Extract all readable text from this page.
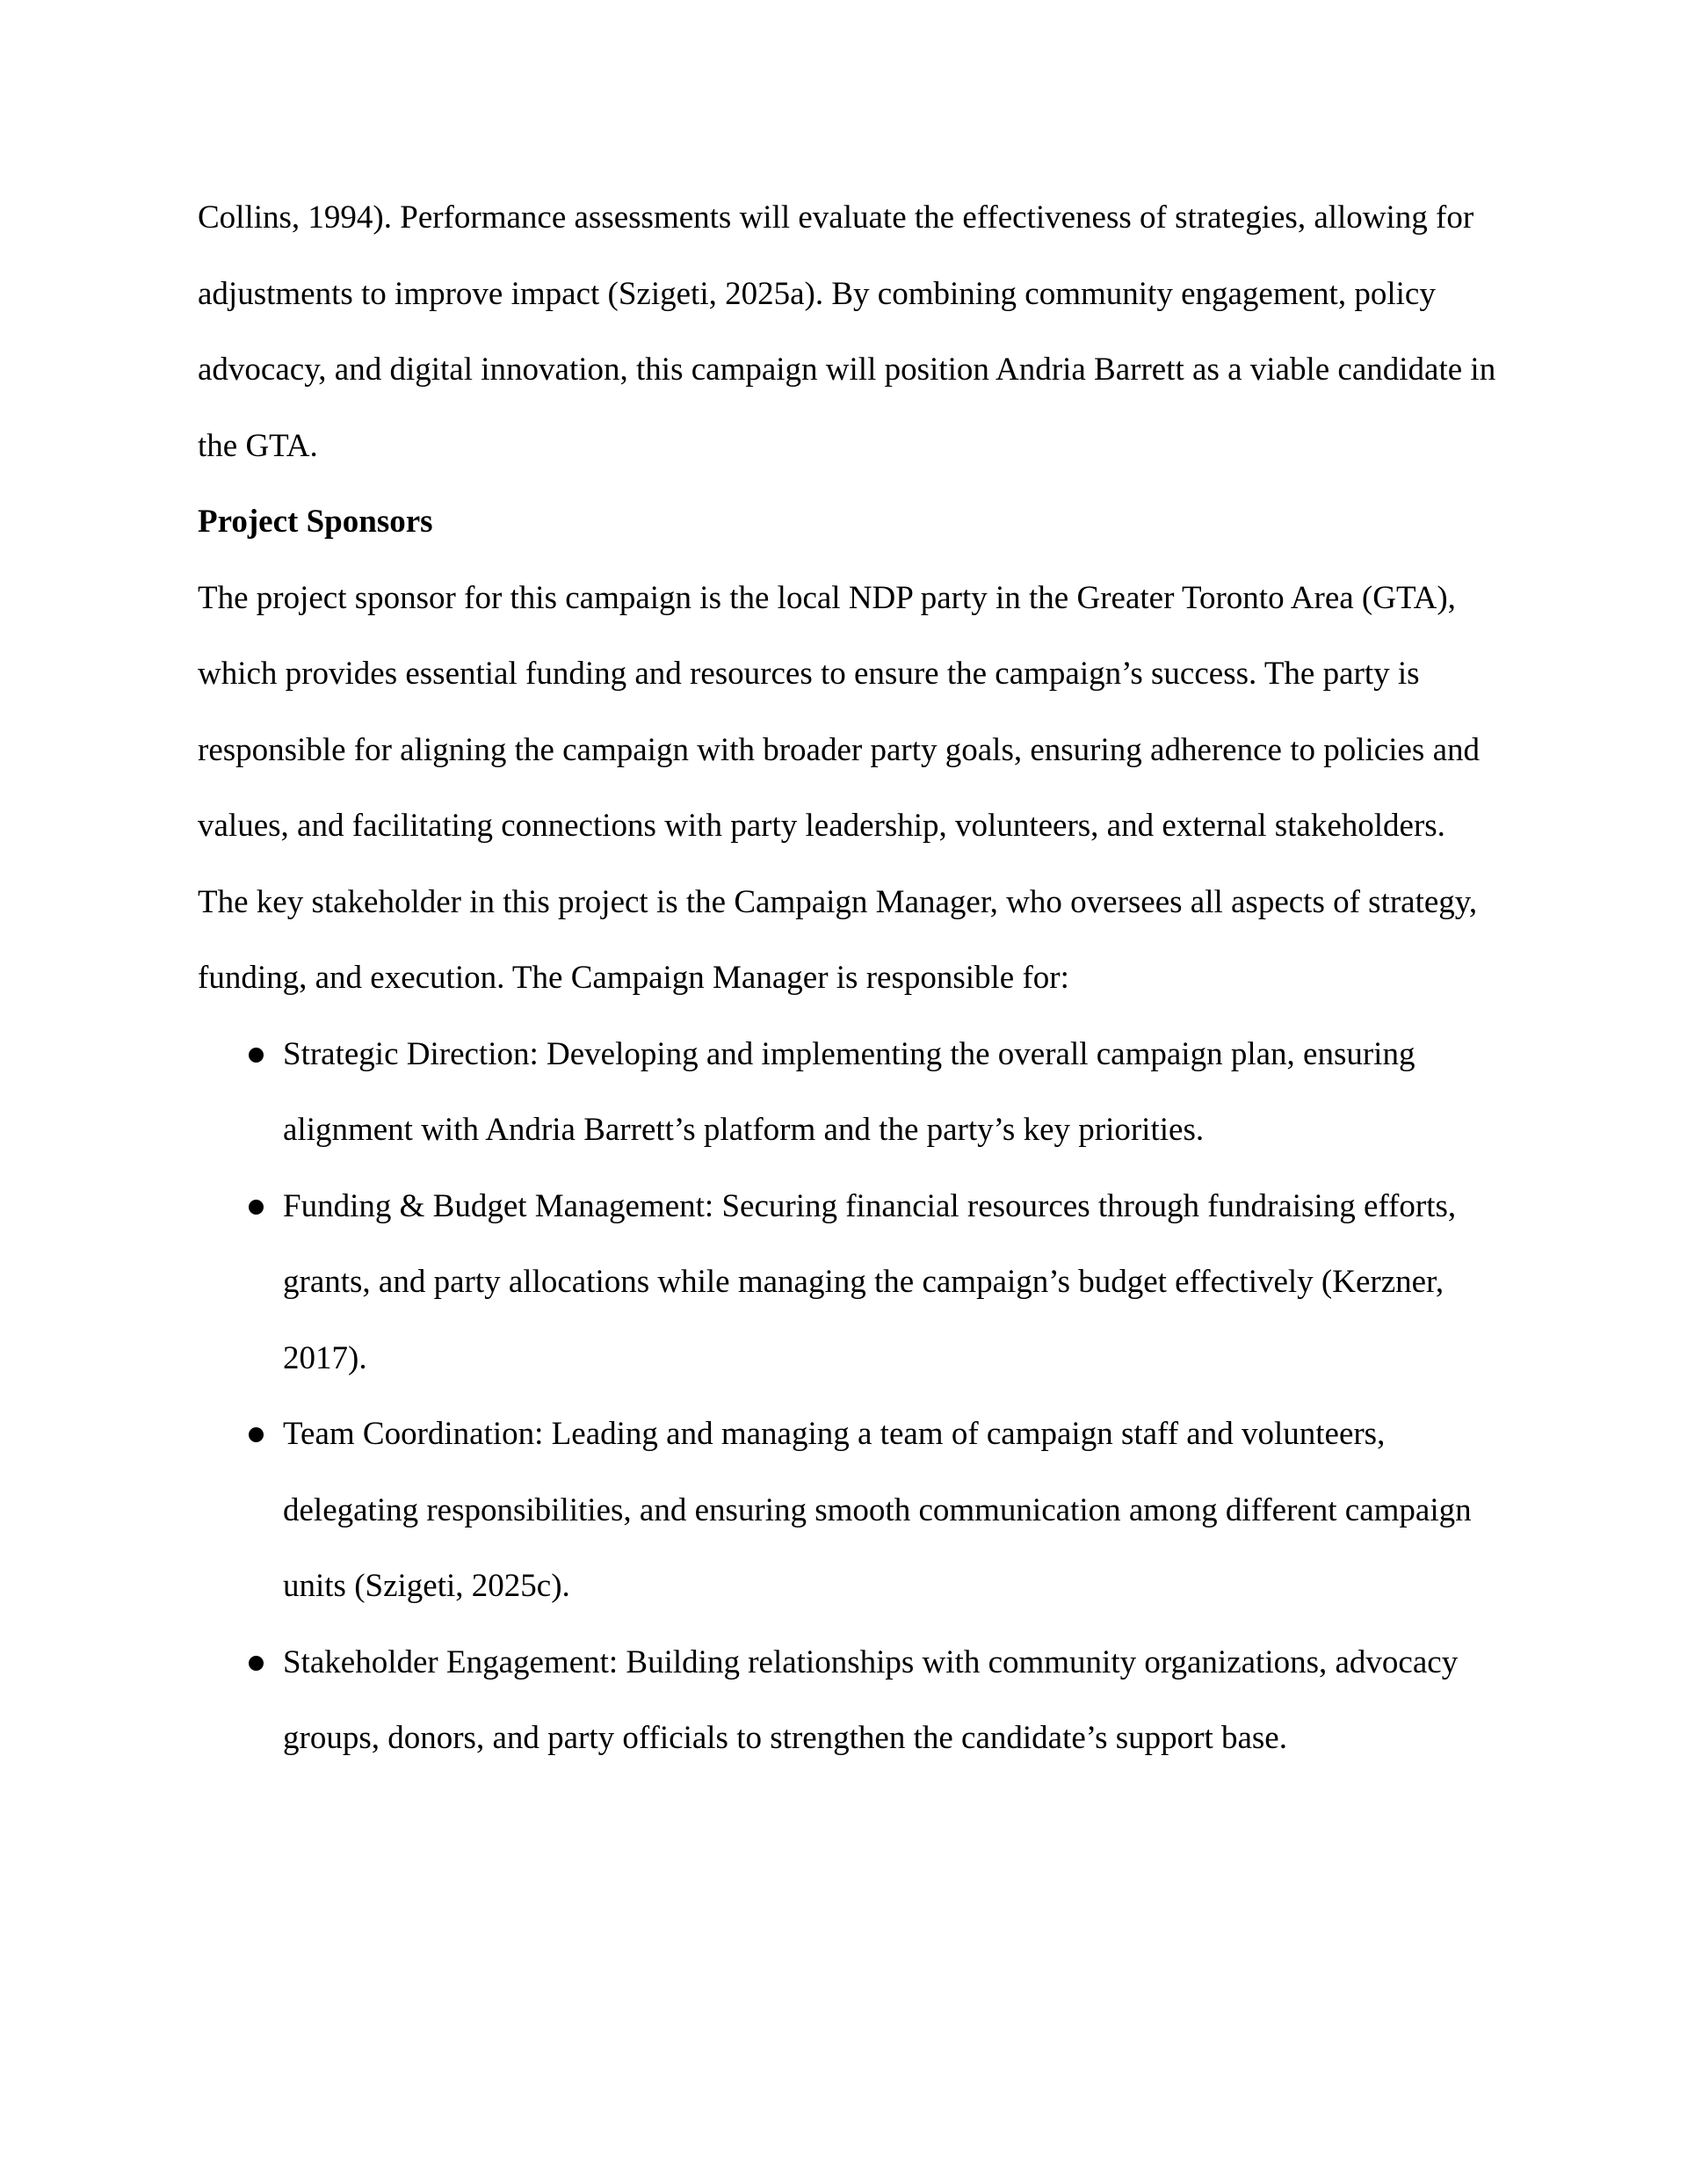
Collins, 1994). Performance assessments will evaluate the effectiveness of strategies, allowing for adjustments to improve impact (Szigeti, 2025a). By combining community engagement, policy advocacy, and digital innovation, this campaign will position Andria Barrett as a viable candidate in the GTA.

Project Sponsors

The project sponsor for this campaign is the local NDP party in the Greater Toronto Area (GTA), which provides essential funding and resources to ensure the campaign’s success. The party is responsible for aligning the campaign with broader party goals, ensuring adherence to policies and values, and facilitating connections with party leadership, volunteers, and external stakeholders.

The key stakeholder in this project is the Campaign Manager, who oversees all aspects of strategy, funding, and execution. The Campaign Manager is responsible for:

Strategic Direction: Developing and implementing the overall campaign plan, ensuring alignment with Andria Barrett’s platform and the party’s key priorities.
Funding & Budget Management: Securing financial resources through fundraising efforts, grants, and party allocations while managing the campaign’s budget effectively (Kerzner, 2017).
Team Coordination: Leading and managing a team of campaign staff and volunteers, delegating responsibilities, and ensuring smooth communication among different campaign units (Szigeti, 2025c).
Stakeholder Engagement: Building relationships with community organizations, advocacy groups, donors, and party officials to strengthen the candidate’s support base.
